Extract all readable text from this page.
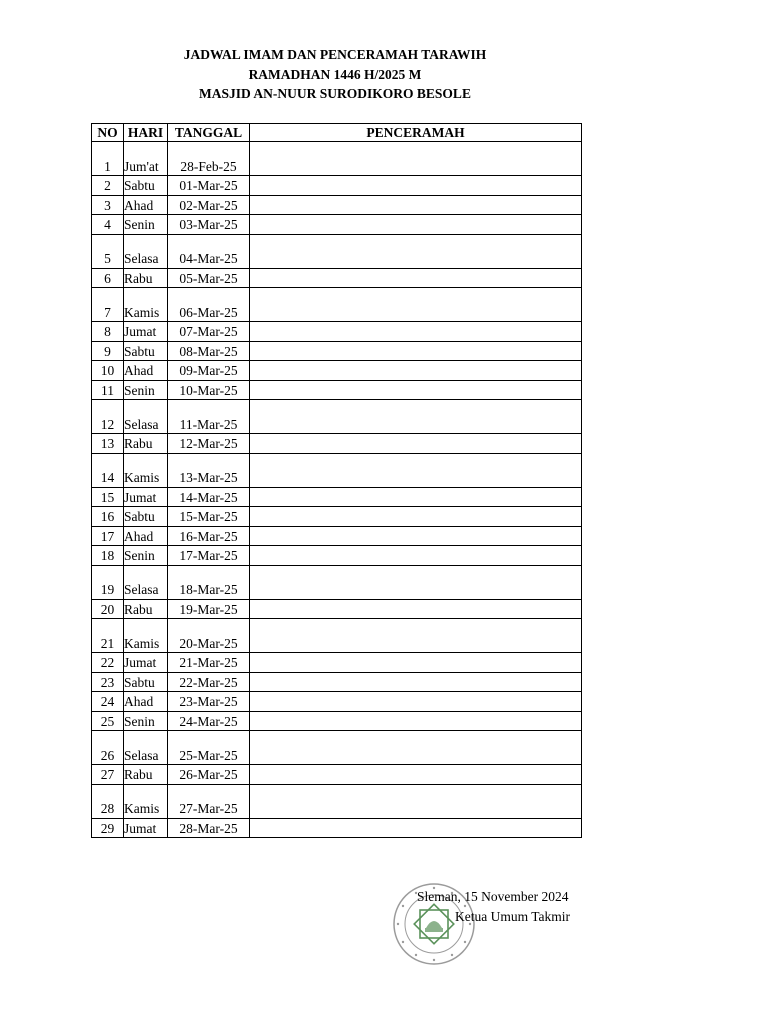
JADWAL IMAM DAN PENCERAMAH TARAWIH
RAMADHAN 1446 H/2025 M
MASJID AN-NUUR SURODIKORO BESOLE
NO	HARI	TANGGAL	PENCERAMAH
1	Jum'at	28-Feb-25	
2	Sabtu	01-Mar-25	
3	Ahad	02-Mar-25	
4	Senin	03-Mar-25	
5	Selasa	04-Mar-25	
6	Rabu	05-Mar-25	
7	Kamis	06-Mar-25	
8	Jumat	07-Mar-25	
9	Sabtu	08-Mar-25	
10	Ahad	09-Mar-25	
11	Senin	10-Mar-25	
12	Selasa	11-Mar-25	
13	Rabu	12-Mar-25	
14	Kamis	13-Mar-25	
15	Jumat	14-Mar-25	
16	Sabtu	15-Mar-25	
17	Ahad	16-Mar-25	
18	Senin	17-Mar-25	
19	Selasa	18-Mar-25	
20	Rabu	19-Mar-25	
21	Kamis	20-Mar-25	
22	Jumat	21-Mar-25	
23	Sabtu	22-Mar-25	
24	Ahad	23-Mar-25	
25	Senin	24-Mar-25	
26	Selasa	25-Mar-25	
27	Rabu	26-Mar-25	
28	Kamis	27-Mar-25	
29	Jumat	28-Mar-25	
Sleman, 15 November 2024
Ketua Umum Takmir
